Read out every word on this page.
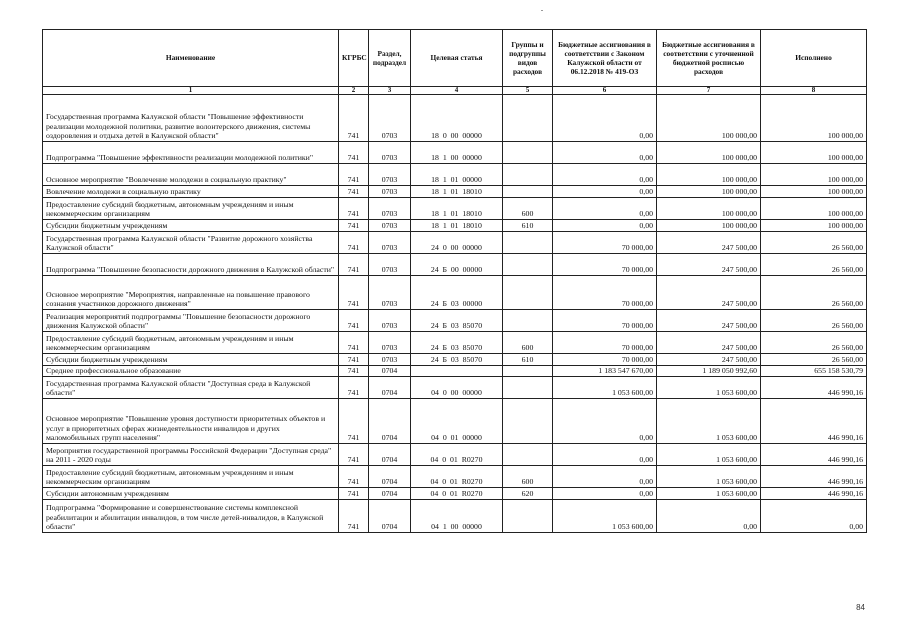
Наименование	КГРБС	Раздел, подраздел	Целевая статья	Группы и подгруппы видов расходов	Бюджетные ассигнования в соответствии с Законом Калужской области от 06.12.2018 № 419-ОЗ	Бюджетные ассигнования в соответствии с уточненной бюджетной росписью расходов	Исполнено
1	2	3	4	5	6	7	8
Государственная программа Калужской области "Повышение эффективности реализации молодежной политики, развитие волонтерского движения, системы оздоровления и отдыха детей в Калужской области"	741	0703	18  0  00  00000		0,00	100 000,00	100 000,00
Подпрограмма "Повышение эффективности реализации молодежной политики"	741	0703	18  1  00  00000		0,00	100 000,00	100 000,00
Основное мероприятие "Вовлечение молодежи в социальную практику"	741	0703	18  1  01  00000		0,00	100 000,00	100 000,00
Вовлечение молодежи в социальную практику	741	0703	18  1  01  18010		0,00	100 000,00	100 000,00
Предоставление субсидий бюджетным, автономным учреждениям и иным некоммерческим организациям	741	0703	18  1  01  18010	600	0,00	100 000,00	100 000,00
Субсидии бюджетным учреждениям	741	0703	18  1  01  18010	610	0,00	100 000,00	100 000,00
Государственная программа Калужской области "Развитие дорожного хозяйства Калужской области"	741	0703	24  0  00  00000		70 000,00	247 500,00	26 560,00
Подпрограмма "Повышение безопасности дорожного движения в Калужской области"	741	0703	24  Б  00  00000		70 000,00	247 500,00	26 560,00
Основное мероприятие "Мероприятия, направленные на повышение правового сознания участников дорожного движения"	741	0703	24  Б  03  00000		70 000,00	247 500,00	26 560,00
Реализация мероприятий подпрограммы "Повышение безопасности дорожного движения Калужской области"	741	0703	24  Б  03  85070		70 000,00	247 500,00	26 560,00
Предоставление субсидий бюджетным, автономным учреждениям и иным некоммерческим организациям	741	0703	24  Б  03  85070	600	70 000,00	247 500,00	26 560,00
Субсидии бюджетным учреждениям	741	0703	24  Б  03  85070	610	70 000,00	247 500,00	26 560,00
Среднее профессиональное образование	741	0704			1 183 547 670,00	1 189 050 992,60	655 158 530,79
Государственная программа Калужской области "Доступная среда в Калужской области"	741	0704	04  0  00  00000		1 053 600,00	1 053 600,00	446 990,16
Основное мероприятие "Повышение уровня доступности приоритетных объектов и услуг в приоритетных сферах жизнедеятельности инвалидов и других маломобильных групп населения"	741	0704	04  0  01  00000		0,00	1 053 600,00	446 990,16
Мероприятия государственной программы Российской Федерации "Доступная среда" на 2011 - 2020 годы	741	0704	04  0  01  R0270		0,00	1 053 600,00	446 990,16
Предоставление субсидий бюджетным, автономным учреждениям и иным некоммерческим организациям	741	0704	04  0  01  R0270	600	0,00	1 053 600,00	446 990,16
Субсидии автономным учреждениям	741	0704	04  0  01  R0270	620	0,00	1 053 600,00	446 990,16
Подпрограмма "Формирование и совершенствование системы комплексной реабилитации и абилитации инвалидов, в том числе детей-инвалидов, в Калужской области"	741	0704	04  1  00  00000		1 053 600,00	0,00	0,00
84
